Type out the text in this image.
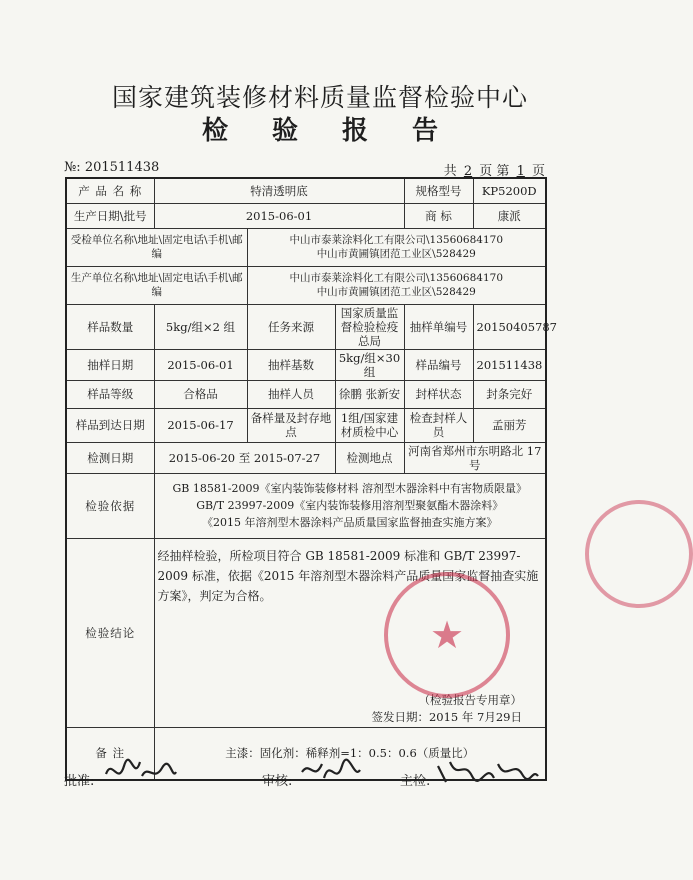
国家建筑装修材料质量监督检验中心
检验报告
№: 201511438	共 2 页 第 1 页
产 品 名 称	特清透明底			规格型号	KP5200D
生产日期\批号	2015-06-01			商 标	康派
受检单位名称\地址\固定电话\手机\邮编		中山市泰莱涂料化工有限公司\13560684170
中山市黄圃镇团范工业区\528429			

生产单位名称\地址\固定电话\手机\邮编		中山市泰莱涂料化工有限公司\13560684170
中山市黄圃镇团范工业区\528429			

样品数量	5kg/组×2 组	任务来源	国家质量监督检验检疫总局	抽样单编号	20150405787
抽样日期	2015-06-01	抽样基数	5kg/组×30 组	样品编号	201511438
样品等级	合格品	抽样人员	徐鹏 张新安	封样状态	封条完好
样品到达日期	2015-06-17	备样量及封存地点	1组/国家建材质检中心	检查封样人员	孟丽芳
检测日期	2015-06-20 至 2015-07-27		检测地点	河南省郑州市东明路北 17 号	
检验依据	GB 18581-2009《室内装饰装修材料 溶剂型木器涂料中有害物质限量》
GB/T 23997-2009《室内装饰装修用溶剂型聚氨酯木器涂料》
《2015 年溶剂型木器涂料产品质量国家监督抽查实施方案》				

检验结论	经抽样检验，所检项目符合 GB 18581-2009 标准和 GB/T 23997-2009 标准，依据《2015 年溶剂型木器涂料产品质量国家监督抽查实施方案》，判定为合格。
（检验报告专用章）
签发日期：2015 年 7月29日				

备 注	主漆：固化剂：稀释剂=1：0.5：0.6（质量比）				
★
批准:	审核:	主检:
